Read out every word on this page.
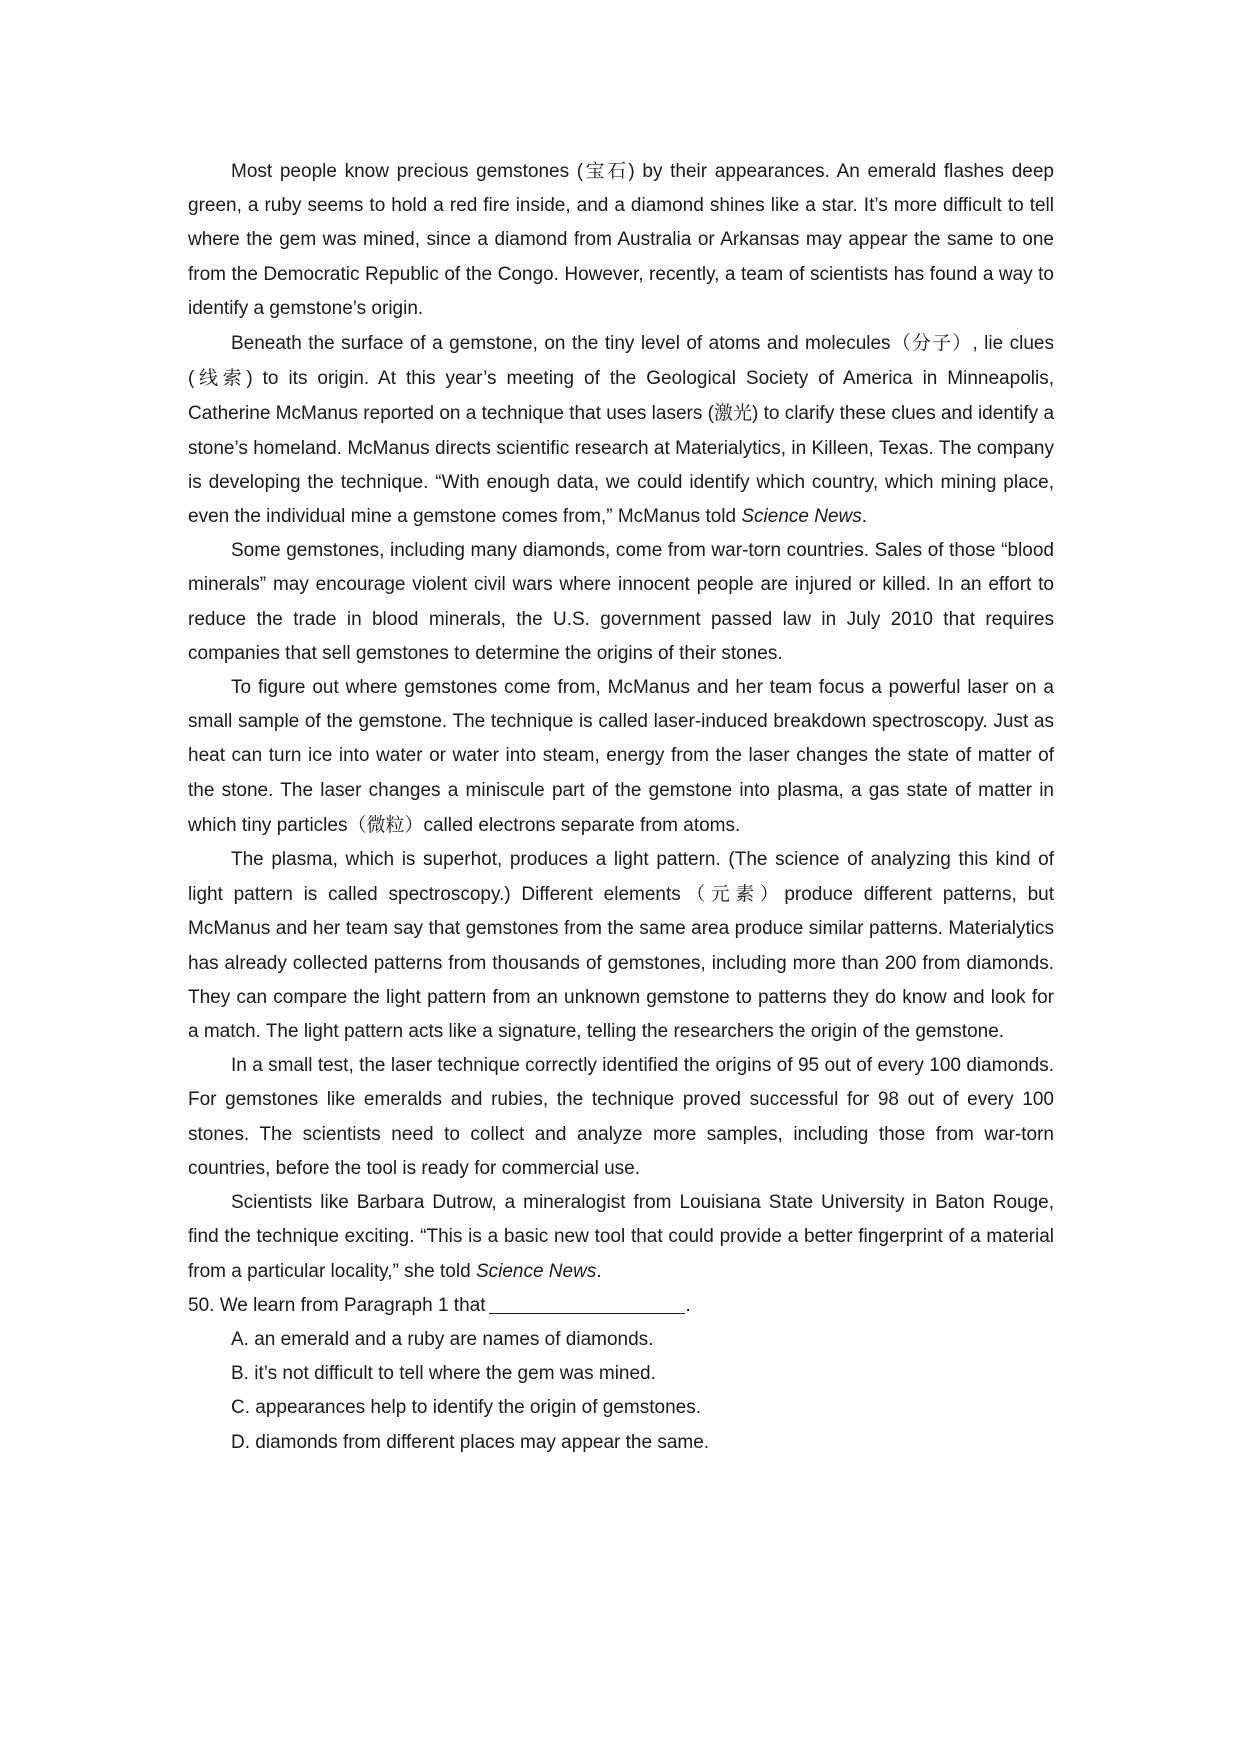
Most people know precious gemstones (宝石) by their appearances. An emerald flashes deep green, a ruby seems to hold a red fire inside, and a diamond shines like a star. It’s more difficult to tell where the gem was mined, since a diamond from Australia or Arkansas may appear the same to one from the Democratic Republic of the Congo. However, recently, a team of scientists has found a way to identify a gemstone’s origin.

Beneath the surface of a gemstone, on the tiny level of atoms and molecules（分子）, lie clues (线索) to its origin. At this year’s meeting of the Geological Society of America in Minneapolis, Catherine McManus reported on a technique that uses lasers (激光) to clarify these clues and identify a stone’s homeland. McManus directs scientific research at Materialytics, in Killeen, Texas. The company is developing the technique. “With enough data, we could identify which country, which mining place, even the individual mine a gemstone comes from,” McManus told Science News.

Some gemstones, including many diamonds, come from war-torn countries. Sales of those “blood minerals” may encourage violent civil wars where innocent people are injured or killed. In an effort to reduce the trade in blood minerals, the U.S. government passed law in July 2010 that requires companies that sell gemstones to determine the origins of their stones.

To figure out where gemstones come from, McManus and her team focus a powerful laser on a small sample of the gemstone. The technique is called laser-induced breakdown spectroscopy. Just as heat can turn ice into water or water into steam, energy from the laser changes the state of matter of the stone. The laser changes a miniscule part of the gemstone into plasma, a gas state of matter in which tiny particles（微粒）called electrons separate from atoms.

The plasma, which is superhot, produces a light pattern. (The science of analyzing this kind of light pattern is called spectroscopy.) Different elements（元素）produce different patterns, but McManus and her team say that gemstones from the same area produce similar patterns. Materialytics has already collected patterns from thousands of gemstones, including more than 200 from diamonds. They can compare the light pattern from an unknown gemstone to patterns they do know and look for a match. The light pattern acts like a signature, telling the researchers the origin of the gemstone.

In a small test, the laser technique correctly identified the origins of 95 out of every 100 diamonds. For gemstones like emeralds and rubies, the technique proved successful for 98 out of every 100 stones. The scientists need to collect and analyze more samples, including those from war-torn countries, before the tool is ready for commercial use.

Scientists like Barbara Dutrow, a mineralogist from Louisiana State University in Baton Rouge, find the technique exciting. “This is a basic new tool that could provide a better fingerprint of a material from a particular locality,” she told Science News.

50. We learn from Paragraph 1 that	.

A. an emerald and a ruby are names of diamonds.

B. it’s not difficult to tell where the gem was mined.

C. appearances help to identify the origin of gemstones.

D. diamonds from different places may appear the same.
